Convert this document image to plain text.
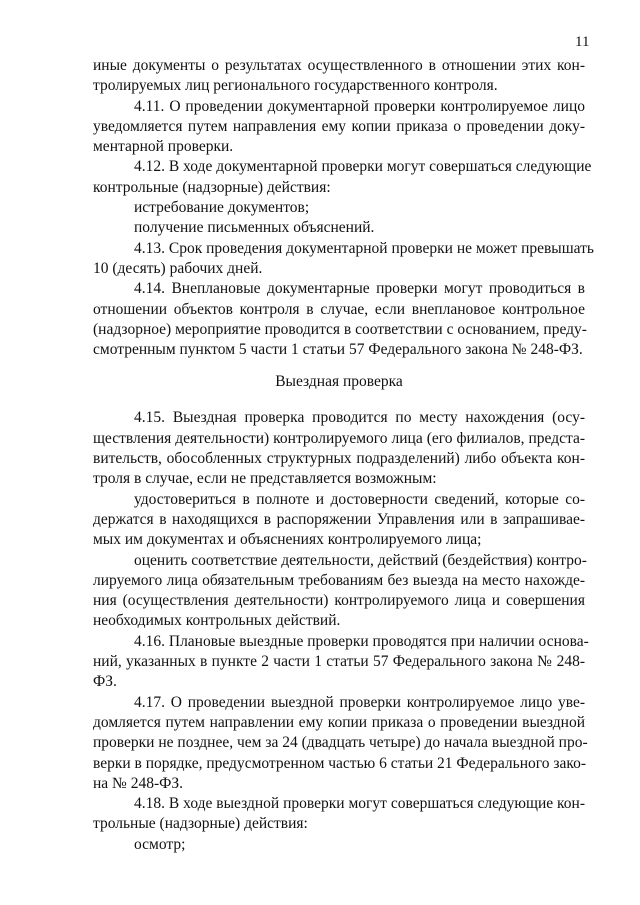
11
иные документы о результатах осуществленного в отношении этих кон-
тролируемых лиц регионального государственного контроля.
4.11. О проведении документарной проверки контролируемое лицо
уведомляется путем направления ему копии приказа о проведении доку-
ментарной проверки.
4.12. В ходе документарной проверки могут совершаться следующие
контрольные (надзорные) действия:
истребование документов;
получение письменных объяснений.
4.13. Срок проведения документарной проверки не может превышать
10 (десять) рабочих дней.
4.14. Внеплановые документарные проверки могут проводиться в
отношении объектов контроля в случае, если внеплановое контрольное
(надзорное) мероприятие проводится в соответствии с основанием, преду-
смотренным пунктом 5 части 1 статьи 57 Федерального закона № 248-ФЗ.
Выездная проверка
4.15. Выездная проверка проводится по месту нахождения (осу-
ществления деятельности) контролируемого лица (его филиалов, предста-
вительств, обособленных структурных подразделений) либо объекта кон-
троля в случае, если не представляется возможным:
удостовериться в полноте и достоверности сведений, которые со-
держатся в находящихся в распоряжении Управления или в запрашивае-
мых им документах и объяснениях контролируемого лица;
оценить соответствие деятельности, действий (бездействия) контро-
лируемого лица обязательным требованиям без выезда на место нахожде-
ния (осуществления деятельности) контролируемого лица и совершения
необходимых контрольных действий.
4.16. Плановые выездные проверки проводятся при наличии основа-
ний, указанных в пункте 2 части 1 статьи 57 Федерального закона № 248-
ФЗ.
4.17. О проведении выездной проверки контролируемое лицо уве-
домляется путем направлении ему копии приказа о проведении выездной
проверки не позднее, чем за 24 (двадцать четыре) до начала выездной про-
верки в порядке, предусмотренном частью 6 статьи 21 Федерального зако-
на № 248-ФЗ.
4.18. В ходе выездной проверки могут совершаться следующие кон-
трольные (надзорные) действия:
осмотр;
